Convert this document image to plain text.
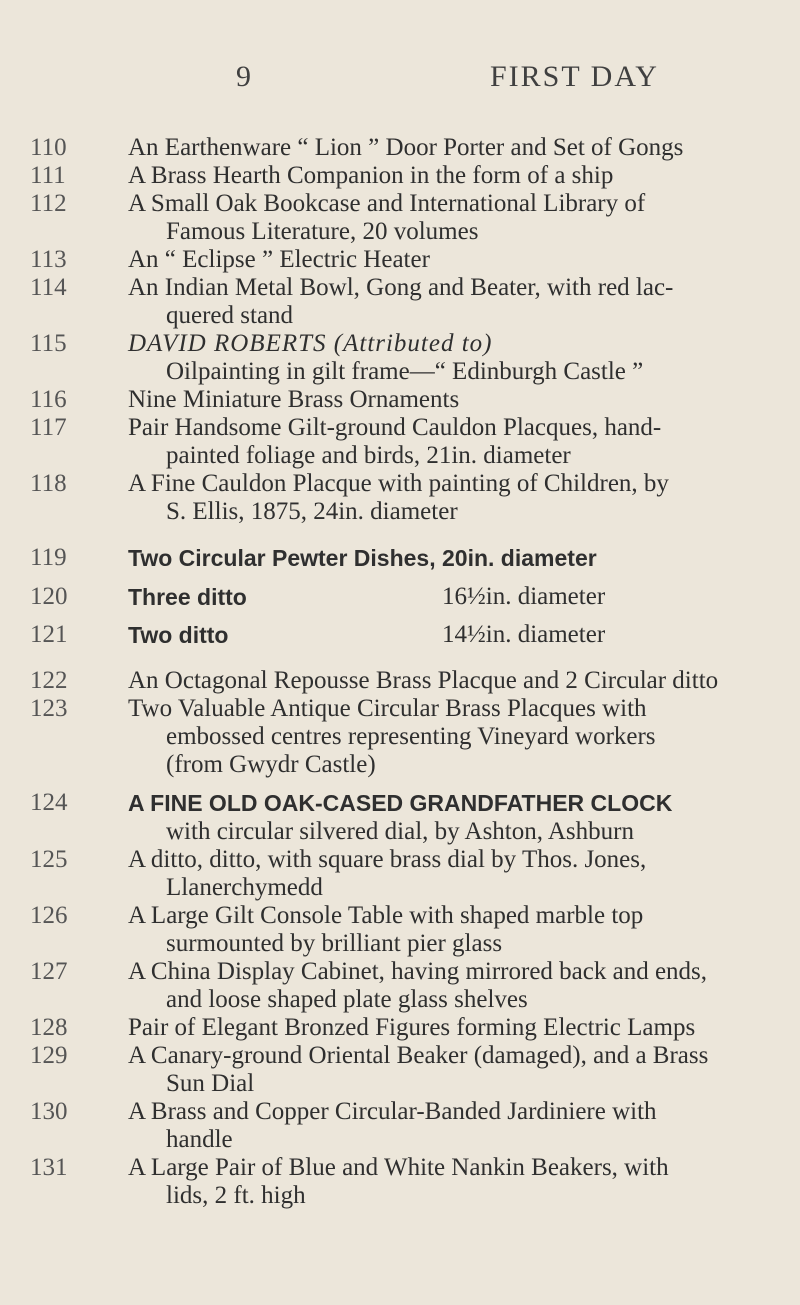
9	FIRST DAY
110	An Earthenware “ Lion ” Door Porter and Set of Gongs
111	A Brass Hearth Companion in the form of a ship
112	A Small Oak Bookcase and International Library of
Famous Literature, 20 volumes
113	An “ Eclipse ” Electric Heater
114	An Indian Metal Bowl, Gong and Beater, with red lac-
quered stand
115	DAVID ROBERTS (Attributed to)
Oilpainting in gilt frame—“ Edinburgh Castle ”
116	Nine Miniature Brass Ornaments
117	Pair Handsome Gilt-ground Cauldon Placques, hand-
painted foliage and birds, 21in. diameter
118	A Fine Cauldon Placque with painting of Children, by
S. Ellis, 1875, 24in. diameter
119	Two Circular Pewter Dishes, 20in. diameter
120	Three ditto	16½in. diameter
121	Two ditto	14½in. diameter
122	An Octagonal Repousse Brass Placque and 2 Circular ditto
123	Two Valuable Antique Circular Brass Placques with
embossed centres representing Vineyard workers
(from Gwydr Castle)
124	A FINE OLD OAK-CASED GRANDFATHER CLOCK
with circular silvered dial, by Ashton, Ashburn
125	A ditto, ditto, with square brass dial by Thos. Jones,
Llanerchymedd
126	A Large Gilt Console Table with shaped marble top
surmounted by brilliant pier glass
127	A China Display Cabinet, having mirrored back and ends,
and loose shaped plate glass shelves
128	Pair of Elegant Bronzed Figures forming Electric Lamps
129	A Canary-ground Oriental Beaker (damaged), and a Brass
Sun Dial
130	A Brass and Copper Circular-Banded Jardiniere with
handle
131	A Large Pair of Blue and White Nankin Beakers, with
lids, 2 ft. high
